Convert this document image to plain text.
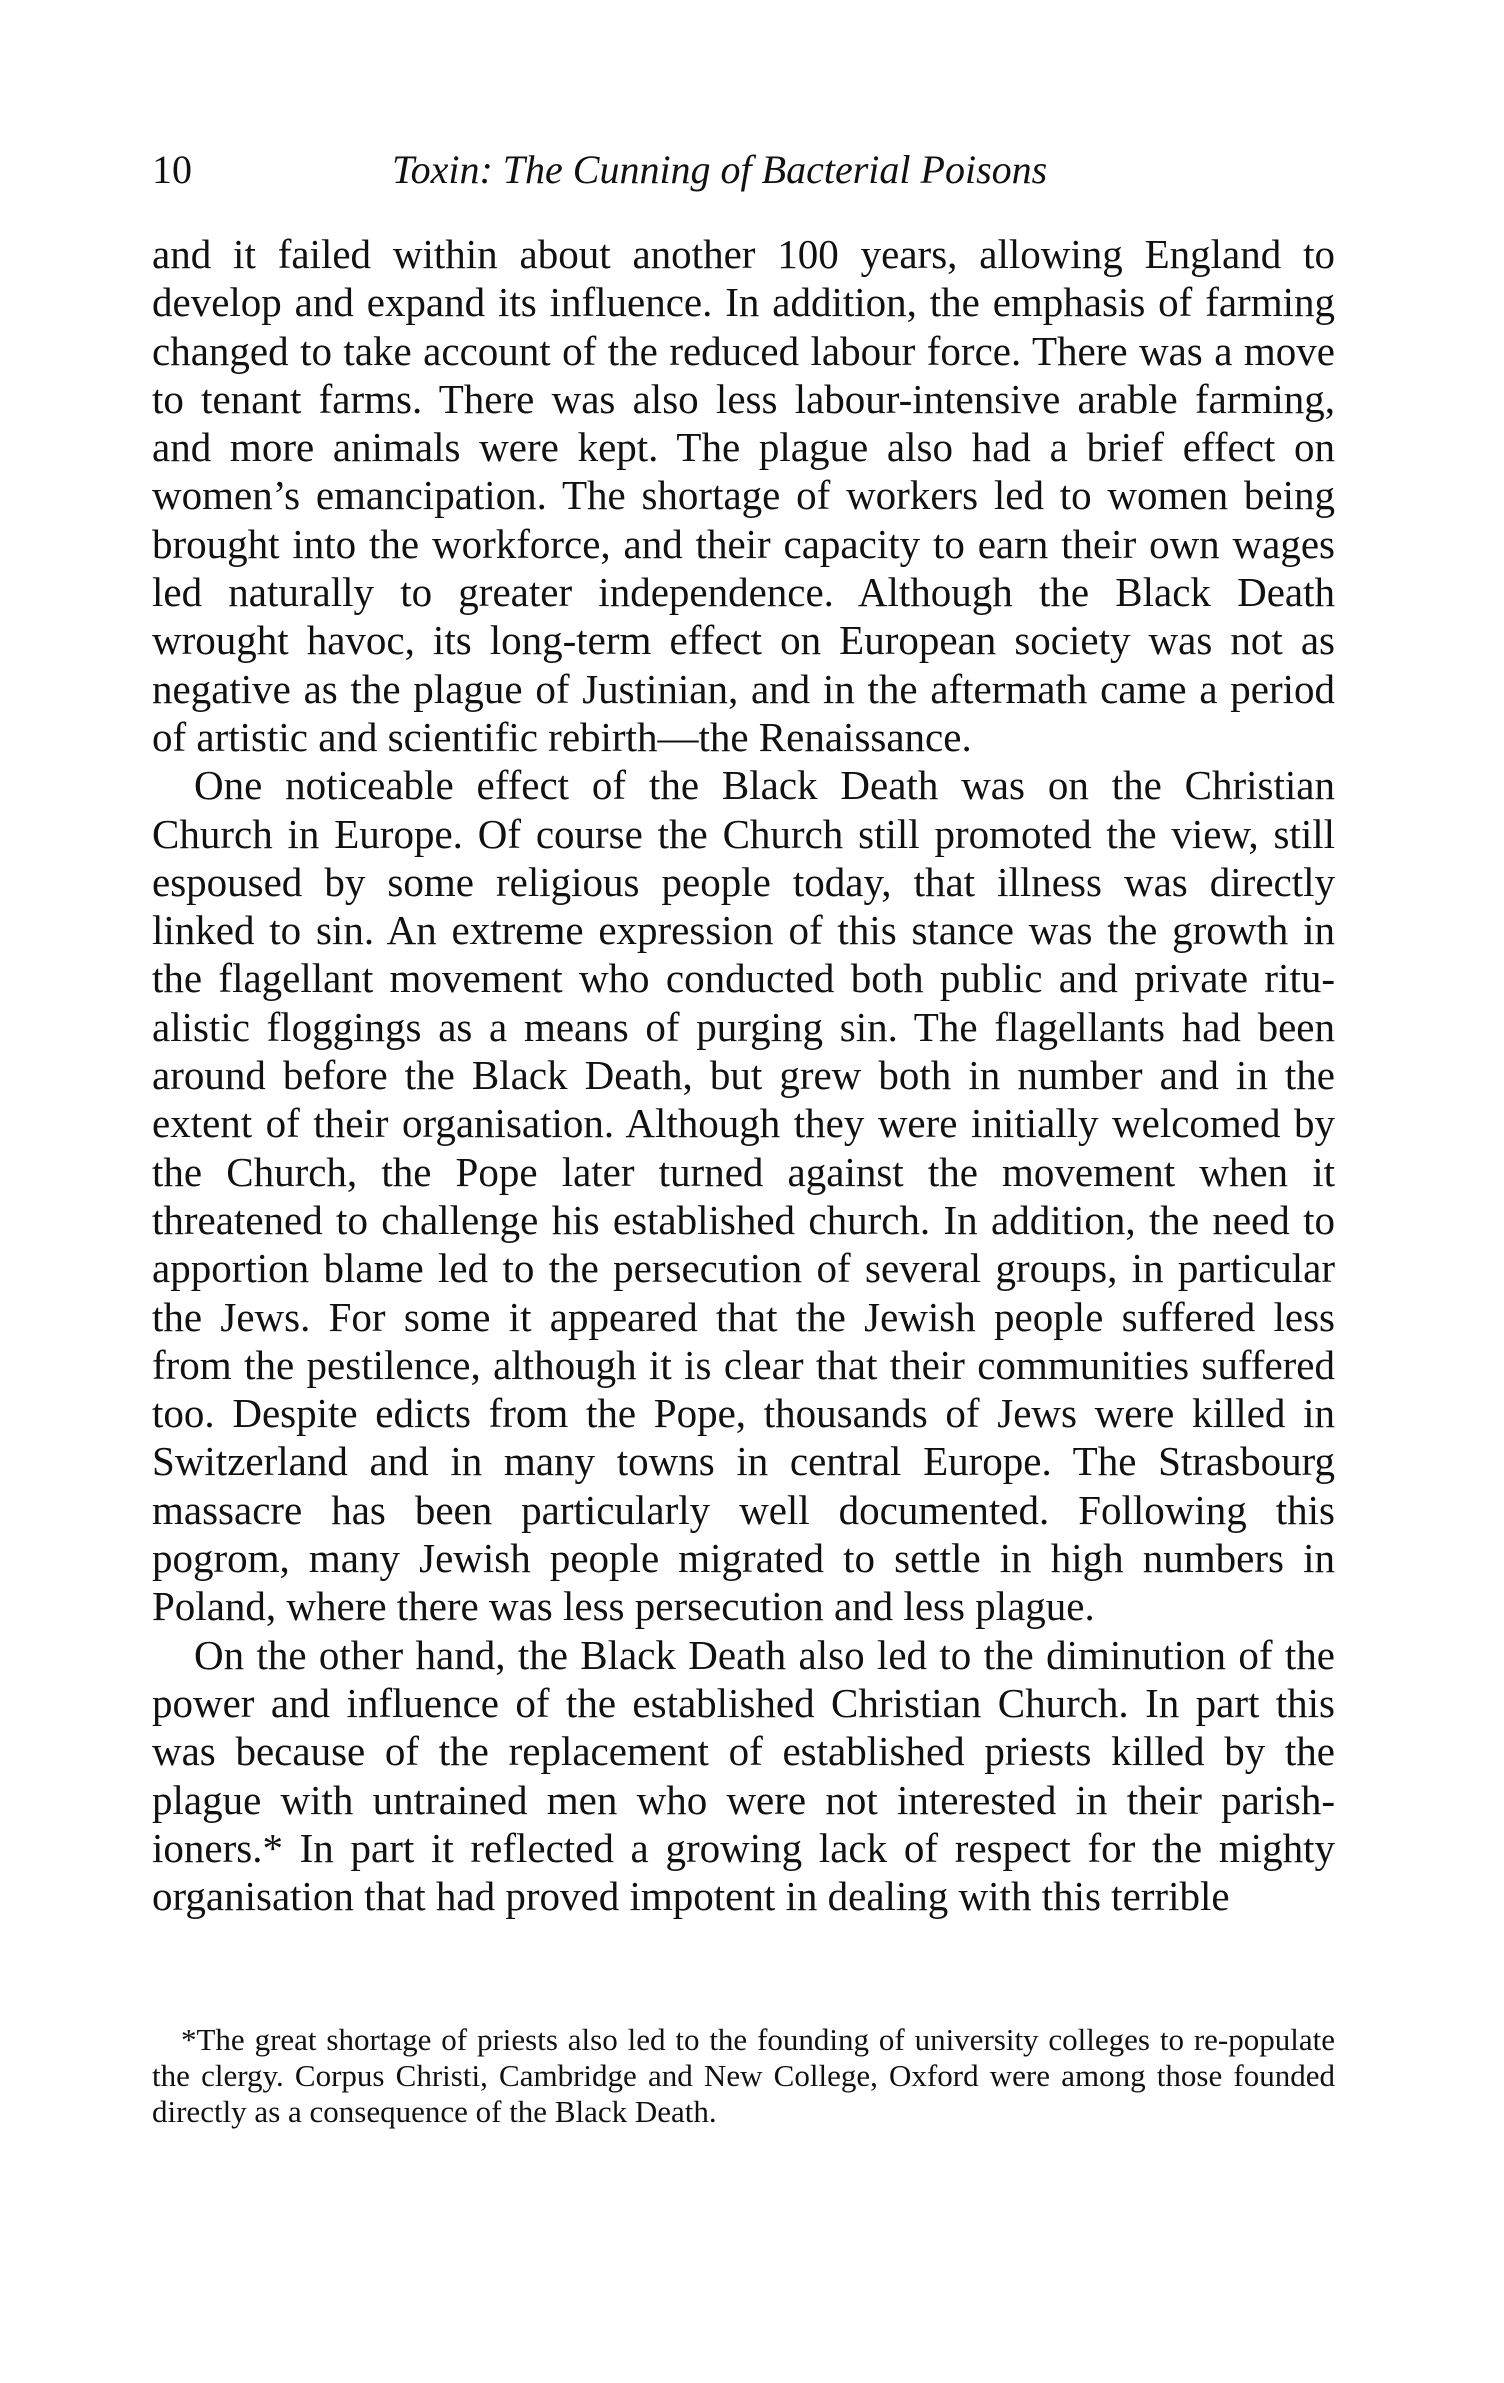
10	Toxin: The Cunning of Bacterial Poisons

and it failed within about another 100 years, allowing England to develop and expand its influence. In addition, the emphasis of farming changed to take account of the reduced labour force. There was a move to tenant farms. There was also less labour-intensive arable farming, and more animals were kept. The plague also had a brief effect on women’s emancipation. The shortage of workers led to women being brought into the workforce, and their capacity to earn their own wages led naturally to greater independence. Although the Black Death wrought havoc, its long-term effect on European society was not as negative as the plague of Justinian, and in the aftermath came a period of artistic and scientific rebirth—the Renaissance.

One noticeable effect of the Black Death was on the Christian Church in Europe. Of course the Church still promoted the view, still espoused by some religious people today, that illness was directly linked to sin. An extreme expression of this stance was the growth in the flagellant movement who conducted both public and private ritualistic floggings as a means of purging sin. The flagellants had been around before the Black Death, but grew both in number and in the extent of their organisation. Although they were initially welcomed by the Church, the Pope later turned against the movement when it threatened to challenge his established church. In addition, the need to apportion blame led to the persecution of several groups, in particular the Jews. For some it appeared that the Jewish people suffered less from the pestilence, although it is clear that their communities suffered too. Despite edicts from the Pope, thousands of Jews were killed in Switzerland and in many towns in central Europe. The Strasbourg massacre has been particularly well documented. Following this pogrom, many Jewish people migrated to settle in high numbers in Poland, where there was less persecution and less plague.

On the other hand, the Black Death also led to the diminution of the power and influence of the established Christian Church. In part this was because of the replacement of established priests killed by the plague with untrained men who were not interested in their parishioners.* In part it reflected a growing lack of respect for the mighty organisation that had proved impotent in dealing with this terrible

*The great shortage of priests also led to the founding of university colleges to re-populate the clergy. Corpus Christi, Cambridge and New College, Oxford were among those founded directly as a consequence of the Black Death.
